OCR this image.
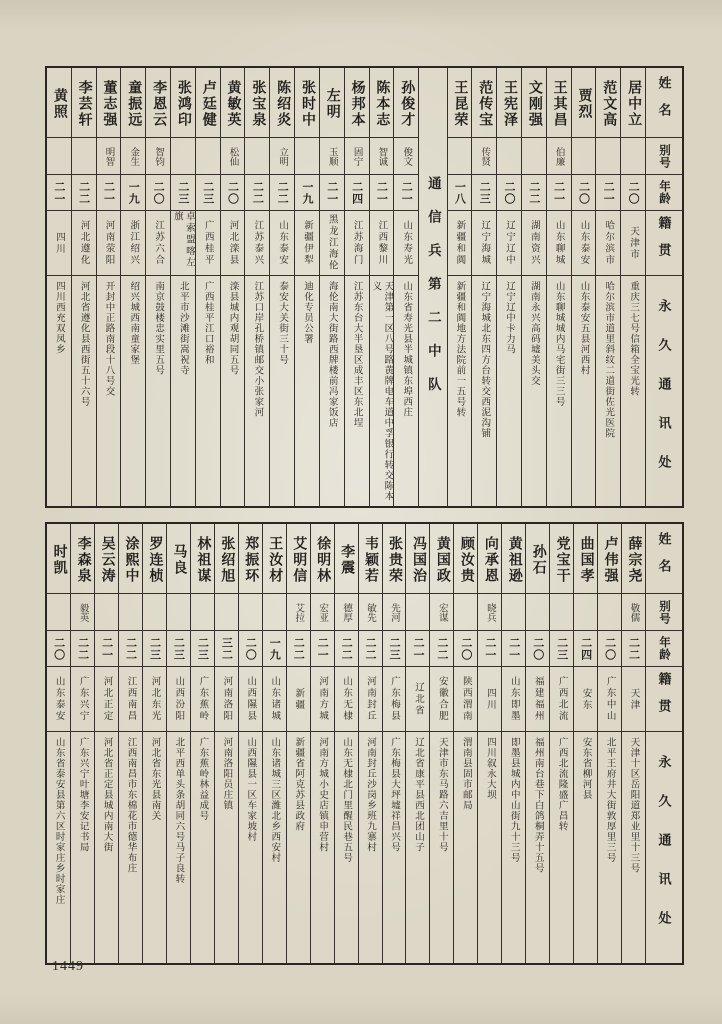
姓名
别号
年龄
籍贯
永久通讯处
居中立
二〇
天津市
重庆三七号信箱全宝光转
范文高
二一
哈尔滨市
哈尔滨市道里斜纹二道街佐光医院
贾烈
二〇
山东泰安
山东泰安五县河西村
王其昌
伯廉
二一
山东聊城
山东聊城城内马宅街三三号
文刚强
二二
湖南资兴
湖南永兴高码墟美头交
王宪泽
二〇
辽宁辽中
辽宁辽中卡力马
范传宝
传贤
二三
辽宁海城
辽宁海城北东四方台转交西泥沟铺
王昆荣
一八
新疆和阗
新疆和阗地方法院前一五号转
通信兵第二中队
孙俊才
俊文
二一
山东寿光
山东省寿光县半城镇东埠西庄
陈本志
智诚
二一
江西黎川
天津第一区八号路黄牌电车道中孚银行转交陈本义
杨邦本
固宁
二四
江苏海门
江苏东台大半垦区成丰区东北埕
左明
玉顺
二一
黑龙江海伦
海伦南大街路西牌楼前冯家饭店
张时中
一九
新疆伊犁
迪化专员公署
陈绍炎
立明
二二
山东泰安
泰安大关街三十号
张宝泉
二二
江苏泰兴
江苏口岸孔桥镇邮交小张家河
黄敏英
松仙
二〇
河北滦县
滦县城内观胡同五号
卢廷健
二三
广西桂平
广西桂平江口裕和
张鸿印
二三
卓索盟喀左旗
北平市沙滩街嵩祝寺
李恩云
智钧
二〇
江苏六合
南京鼓楼忠实里五号
童振远
金生
一九
浙江绍兴
绍兴城西南童家堡
董志强
明智
二一
河南荥阳
开封中正路南段十八号交
李芸轩
二二
河北遵化
河北省遵化县西街五十六号
黄照
二一
四川
四川西充双凤乡
姓名
别号
年龄
籍贯
永久通讯处
薛宗尧
敬儒
二二
天津
天津十区岳阳道郑业里十三号
卢伟强
二〇
广东中山
北平王府井大街敦厚里三号
曲国孝
二四
安东
安东省柳河县
党宝干
二三
广西北流
广西北流隆盛广昌转
孙石
二〇
福建福州
福州南台巷下白鸽桐弄十五号
黄祖逊
二一
山东即墨
即墨县城内中山街九十三号
向承恩
晓兵
二一
四川
四川叙永大坝
顾汝贵
二〇
陕西渭南
渭南县固市邮局
黄国政
宏谋
二二
安徽合肥
天津市东马路六吉里十号
冯国治
二一
辽北省
辽北省康平县西北团山子
张贵荣
先河
二三
广东梅县
广东梅县大坪墟祥昌兴号
韦颖若
敏先
二二
河南封丘
河南封丘沙岗乡班九寨村
李震
德厚
二二
山东无棣
山东无棣北门里醒民巷五号
徐明林
宏亚
二一
河南方城
河南方城小史店镇申营村
艾明信
艾拉
二二
新疆
新疆省阿克苏县政府
王汝材
一九
山东诸城
山东诸城三区潍北乡西安村
郑振环
二〇
山西隰县
山西隰县一区车家坡村
张绍旭
三二
河南洛阳
河南洛阳员庄镇
林祖谋
二三
广东蕉岭
广东蕉岭林益成号
马良
二三
山西汾阳
北平西单头条胡同六号马子良转
罗连桢
二三
河北东光
河北省东光县南关
涂熙中
二二
江西南昌
江西南昌市东棉花市德华布庄
吴云涛
二一
河北正定
河北省正定县城内南大街
李森泉
毅英
二二
广东兴宁
广东兴宁叶塘李安记书局
时凯
二〇
山东泰安
山东省泰安县第六区时家庄乡时家庄
1449
